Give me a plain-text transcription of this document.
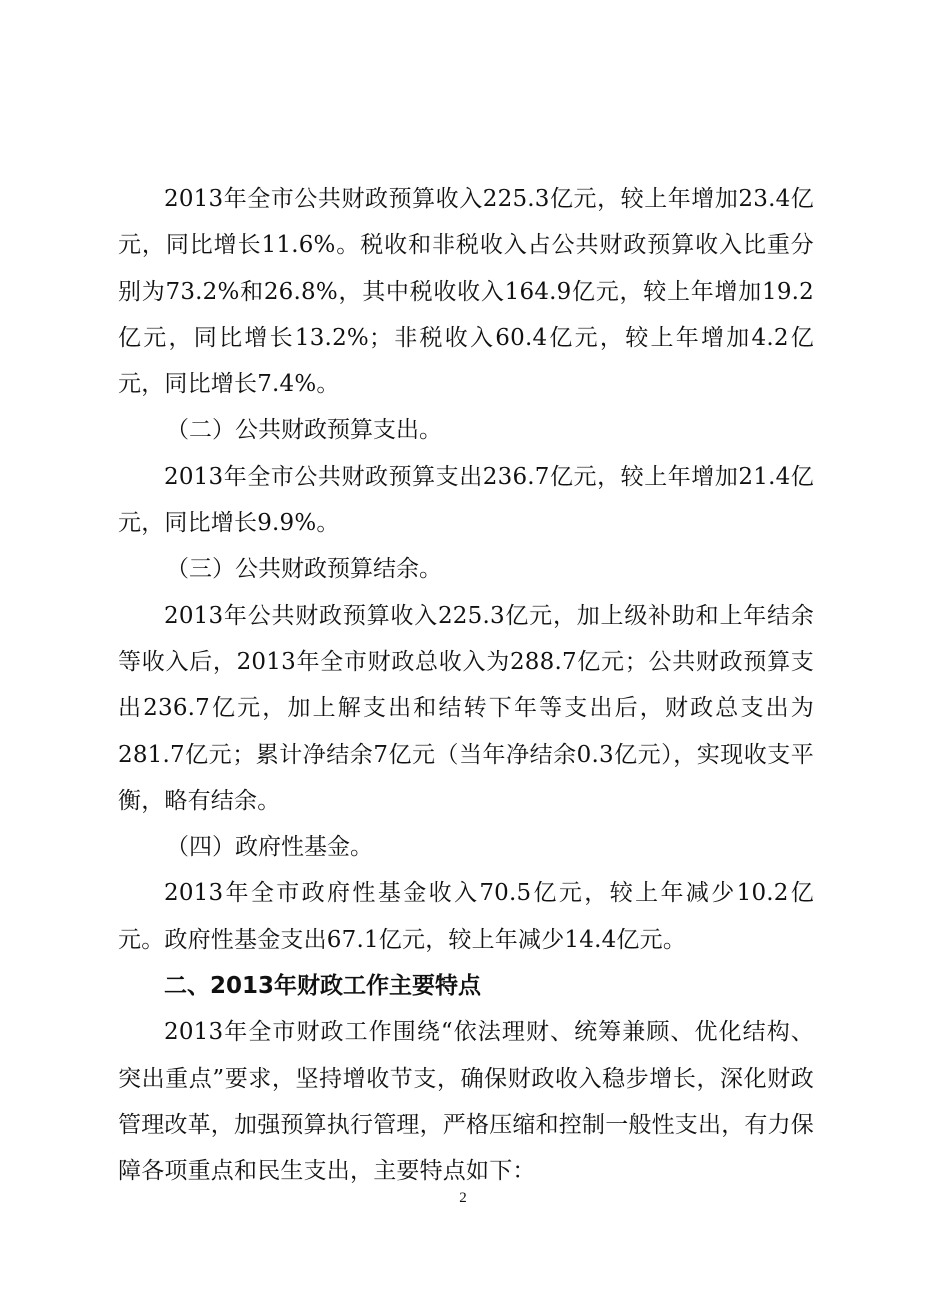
2013年全市公共财政预算收入225.3亿元，较上年增加23.4亿元，同比增长11.6%。税收和非税收入占公共财政预算收入比重分别为73.2%和26.8%，其中税收收入164.9亿元，较上年增加19.2亿元，同比增长13.2%；非税收入60.4亿元，较上年增加4.2亿元，同比增长7.4%。

（二）公共财政预算支出。

2013年全市公共财政预算支出236.7亿元，较上年增加21.4亿元，同比增长9.9%。

（三）公共财政预算结余。

2013年公共财政预算收入225.3亿元，加上级补助和上年结余等收入后，2013年全市财政总收入为288.7亿元；公共财政预算支出236.7亿元，加上解支出和结转下年等支出后，财政总支出为281.7亿元；累计净结余7亿元（当年净结余0.3亿元），实现收支平衡，略有结余。

（四）政府性基金。

2013年全市政府性基金收入70.5亿元，较上年减少10.2亿元。政府性基金支出67.1亿元，较上年减少14.4亿元。

二、2013年财政工作主要特点

2013年全市财政工作围绕“依法理财、统筹兼顾、优化结构、突出重点”要求，坚持增收节支，确保财政收入稳步增长，深化财政管理改革，加强预算执行管理，严格压缩和控制一般性支出，有力保障各项重点和民生支出，主要特点如下：

2
